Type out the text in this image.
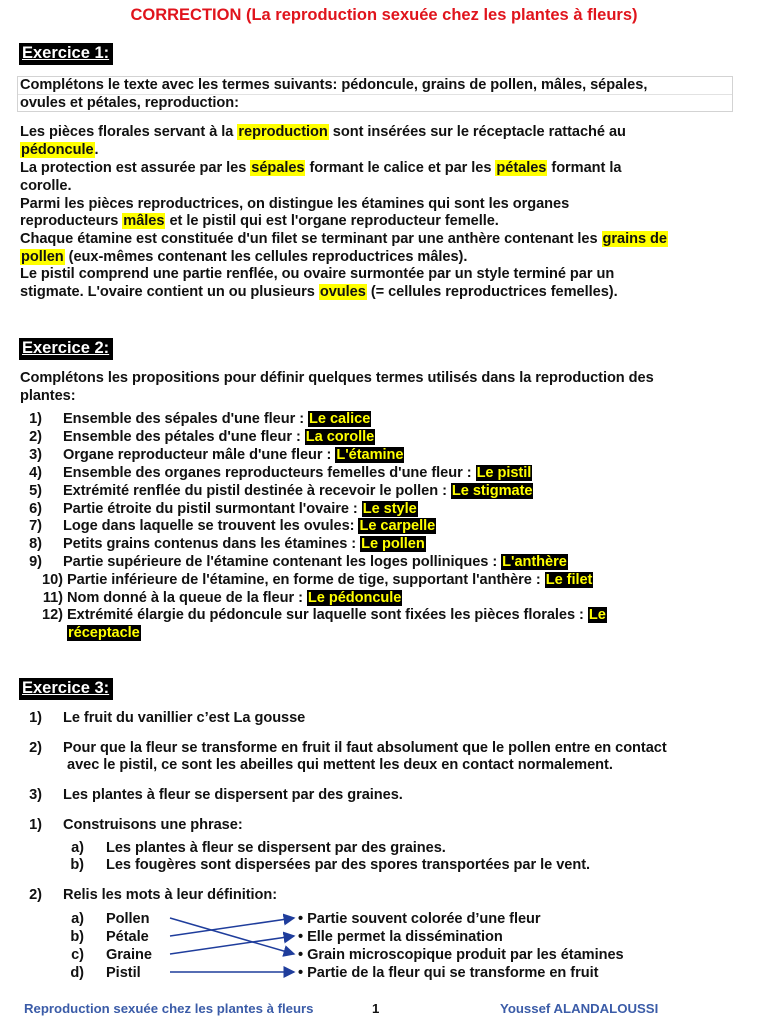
CORRECTION (La reproduction sexuée chez les plantes à fleurs)
Exercice 1:
Complétons le texte avec les termes suivants: pédoncule, grains de pollen, mâles, sépales,
ovules et pétales, reproduction:
Les pièces florales servant à la reproduction sont insérées sur le réceptacle rattaché au
pédoncule.
La protection est assurée par les sépales formant le calice et par les pétales formant la
corolle.
Parmi les pièces reproductrices, on distingue les étamines qui sont les organes
reproducteurs mâles et le pistil qui est l'organe reproducteur femelle.
Chaque étamine est constituée d'un filet se terminant par une anthère contenant les grains de
pollen (eux-mêmes contenant les cellules reproductrices mâles).
Le pistil comprend une partie renflée, ou ovaire surmontée par un style terminé par un
stigmate. L'ovaire contient un ou plusieurs ovules (= cellules reproductrices femelles).
Exercice 2:
Complétons les propositions pour définir quelques termes utilisés dans la reproduction des
plantes:
1) Ensemble des sépales d'une fleur : Le calice
2) Ensemble des pétales d'une fleur : La corolle
3) Organe reproducteur mâle d'une fleur : L'étamine
4) Ensemble des organes reproducteurs femelles d'une fleur : Le pistil
5) Extrémité renflée du pistil destinée à recevoir le pollen : Le stigmate
6) Partie étroite du pistil surmontant l'ovaire : Le style
7) Loge dans laquelle se trouvent les ovules: Le carpelle
8) Petits grains contenus dans les étamines : Le pollen
9) Partie supérieure de l'étamine contenant les loges polliniques : L'anthère
10) Partie inférieure de l'étamine, en forme de tige, supportant l'anthère : Le filet
11) Nom donné à la queue de la fleur : Le pédoncule
12) Extrémité élargie du pédoncule sur laquelle sont fixées les pièces florales : Le
réceptacle
Exercice 3:
1) Le fruit du vanillier c’est La gousse
2) Pour que la fleur se transforme en fruit il faut absolument que le pollen entre en contact
avec le pistil, ce sont les abeilles qui mettent les deux en contact normalement.
3) Les plantes à fleur se dispersent par des graines.
1) Construisons une phrase:
a) Les plantes à fleur se dispersent par des graines.
b) Les fougères sont dispersées par des spores transportées par le vent.
2) Relis les mots à leur définition:
a) Pollen
b) Pétale
c) Graine
d) Pistil
• Partie souvent colorée d’une fleur
• Elle permet la dissémination
• Grain microscopique produit par les étamines
• Partie de la fleur qui se transforme en fruit
Reproduction sexuée chez les plantes à fleurs	1	Youssef ALANDALOUSSI
